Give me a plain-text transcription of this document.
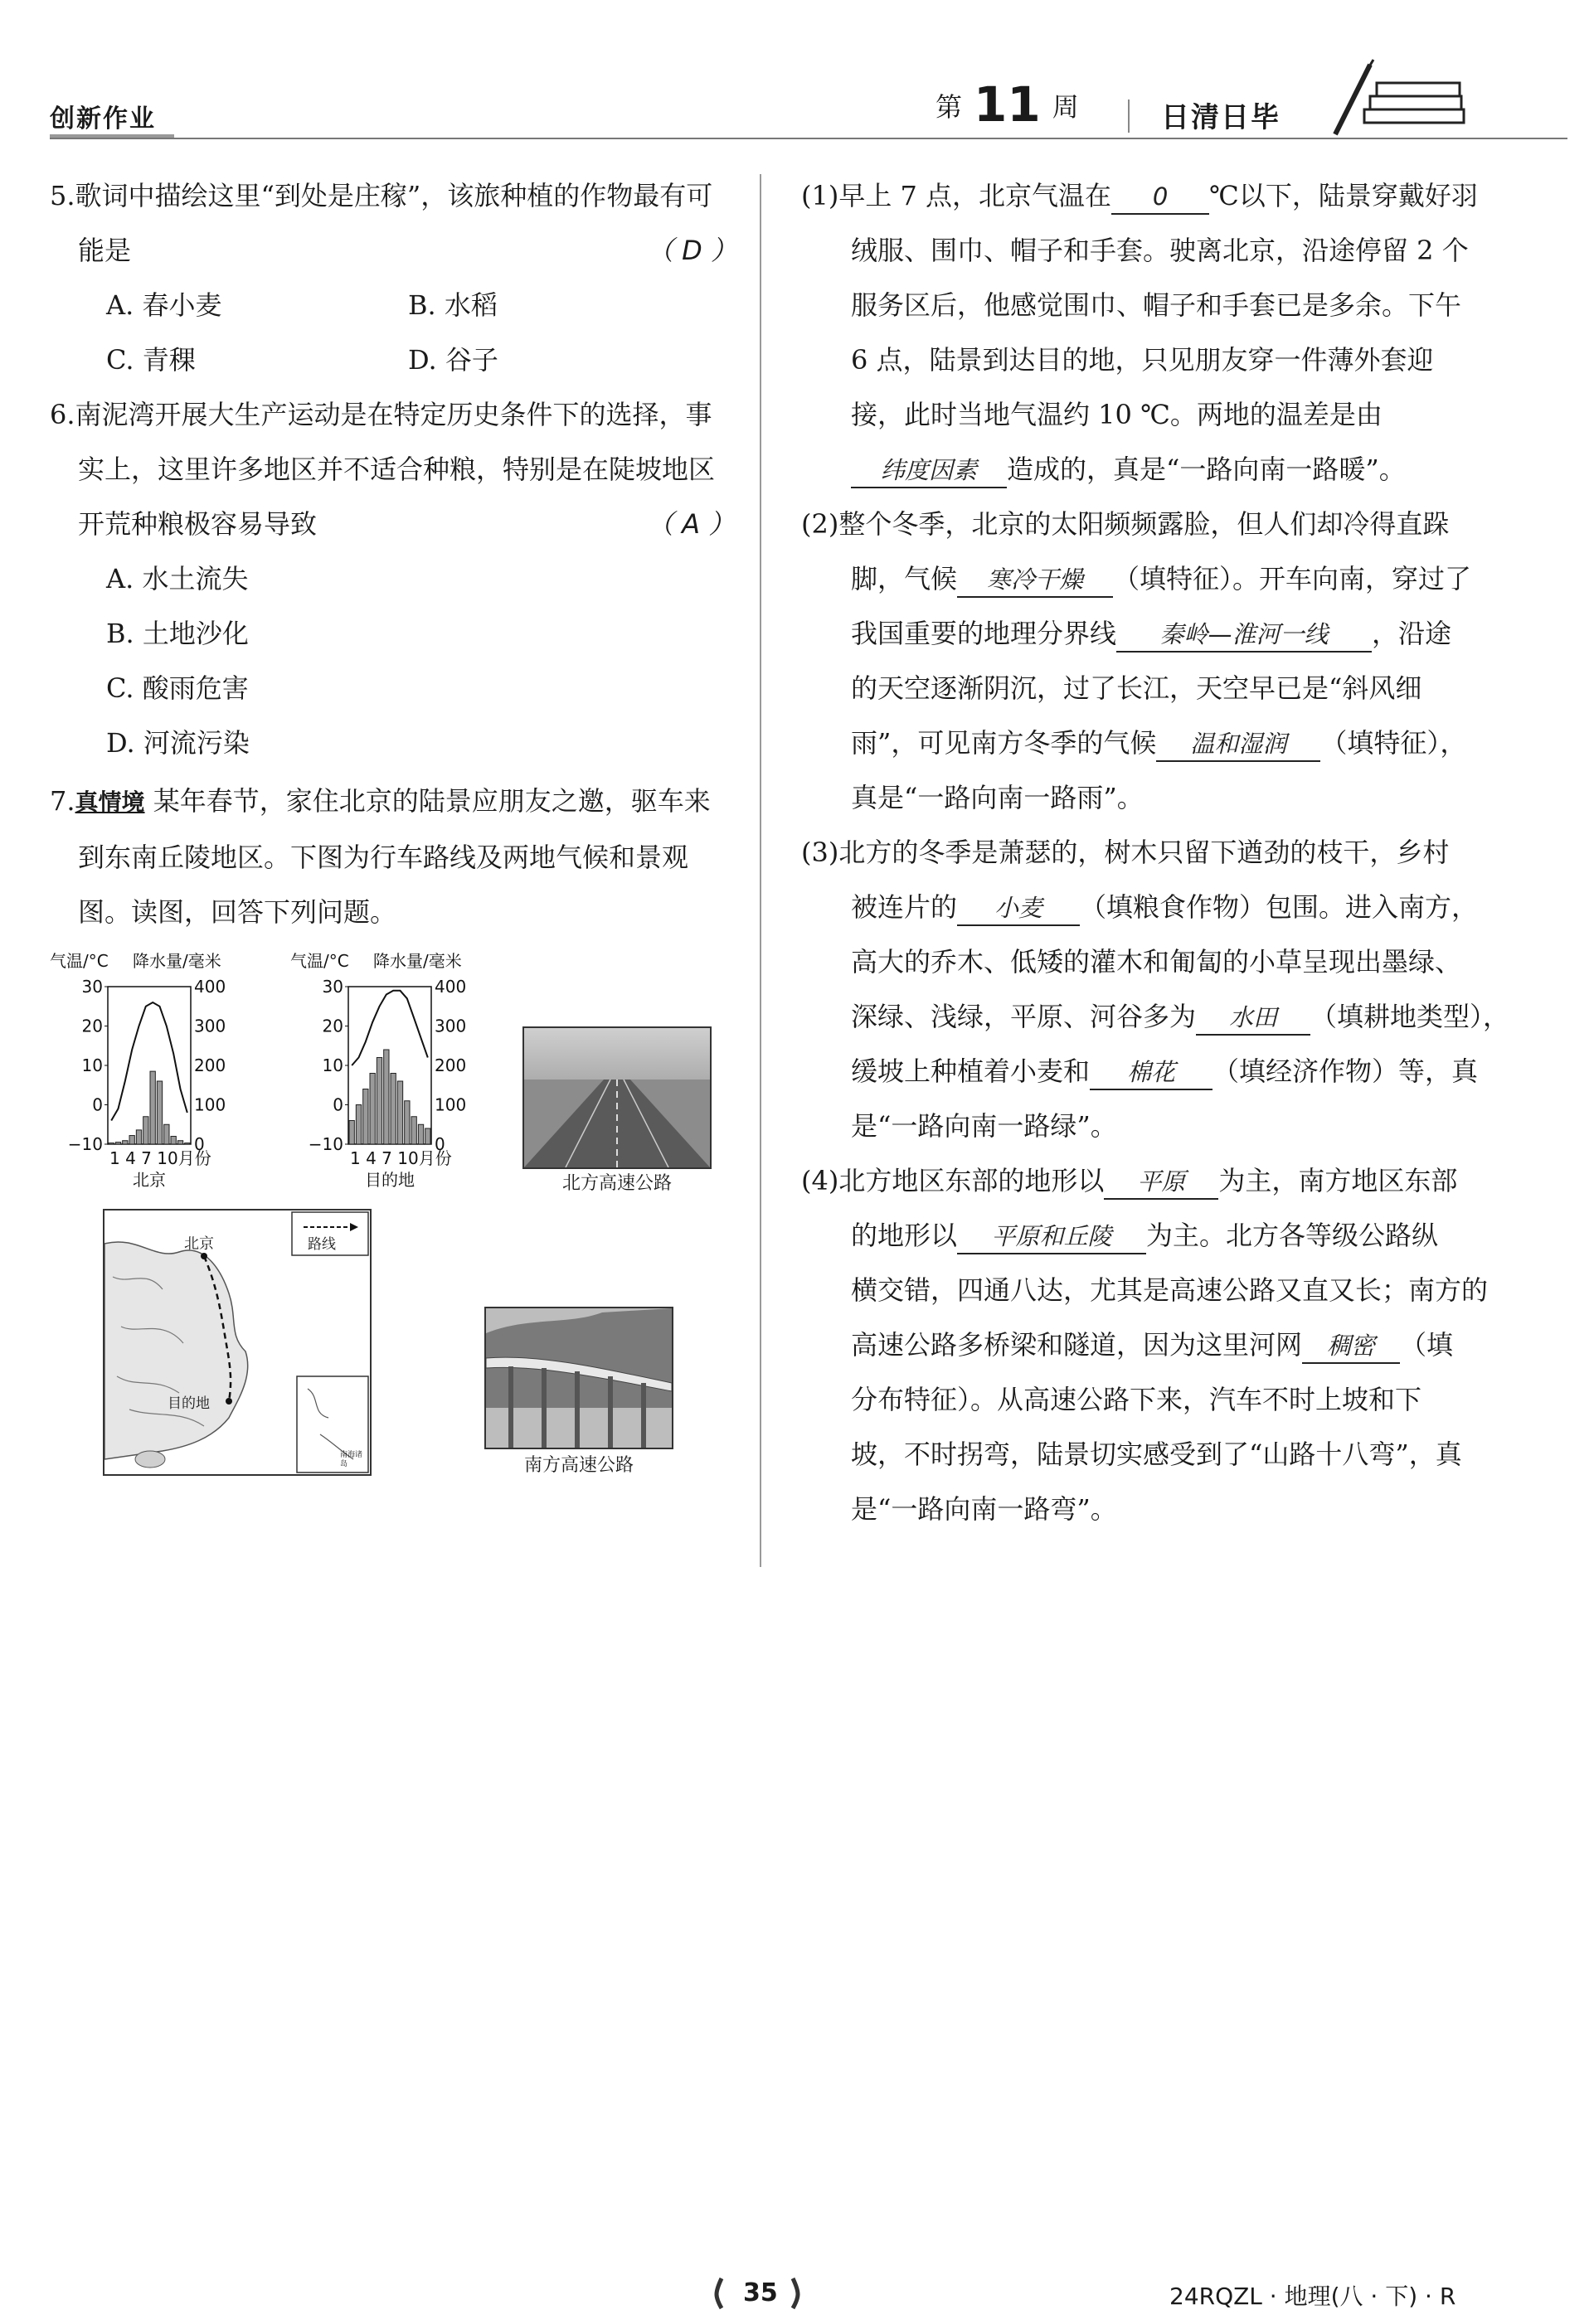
创新作业	第 11 周	日清日毕
5.歌词中描绘这里“到处是庄稼”，该旅种植的作物最有可
能是	（ D ）
A. 春小麦	B. 水稻
C. 青稞	D. 谷子
6.南泥湾开展大生产运动是在特定历史条件下的选择，事
实上，这里许多地区并不适合种粮，特别是在陡坡地区
开荒种粮极容易导致	（ A ）
A. 水土流失
B. 土地沙化
C. 酸雨危害
D. 河流污染
7.真情境 某年春节，家住北京的陆景应朋友之邀，驱车来
到东南丘陵地区。下图为行车路线及两地气候和景观
图。读图，回答下列问题。
气温/°C 降水量/毫米
30
20
10
0
−10
400
300
200
100
0
1 4 7 10月份
北京
气温/°C 降水量/毫米
30
20
10
0
−10
400
300
200
100
0
1 4 7 10月份
目的地	北方高速公路
路线
北京
目的地
南海诸岛	南方高速公路
(1)早上 7 点，北京气温在 0 ℃以下，陆景穿戴好羽
绒服、围巾、帽子和手套。驶离北京，沿途停留 2 个
服务区后，他感觉围巾、帽子和手套已是多余。下午
6 点，陆景到达目的地，只见朋友穿一件薄外套迎
接，此时当地气温约 10 ℃。两地的温差是由
纬度因素 造成的，真是“一路向南一路暖”。
(2)整个冬季，北京的太阳频频露脸，但人们却冷得直跺
脚，气候 寒冷干燥 （填特征）。开车向南，穿过了
我国重要的地理分界线 秦岭—淮河一线 ，沿途
的天空逐渐阴沉，过了长江，天空早已是“斜风细
雨”，可见南方冬季的气候 温和湿润 （填特征），
真是“一路向南一路雨”。
(3)北方的冬季是萧瑟的，树木只留下遒劲的枝干，乡村
被连片的 小麦 （填粮食作物）包围。进入南方，
高大的乔木、低矮的灌木和匍匐的小草呈现出墨绿、
深绿、浅绿，平原、河谷多为 水田 （填耕地类型），
缓坡上种植着小麦和 棉花 （填经济作物）等，真
是“一路向南一路绿”。
(4)北方地区东部的地形以 平原 为主，南方地区东部
的地形以 平原和丘陵 为主。北方各等级公路纵
横交错，四通八达，尤其是高速公路又直又长；南方的
高速公路多桥梁和隧道，因为这里河网 稠密 （填
分布特征）。从高速公路下来，汽车不时上坡和下
坡，不时拐弯，陆景切实感受到了“山路十八弯”，真
是“一路向南一路弯”。
35	24RQZL · 地理(八 · 下) · R
